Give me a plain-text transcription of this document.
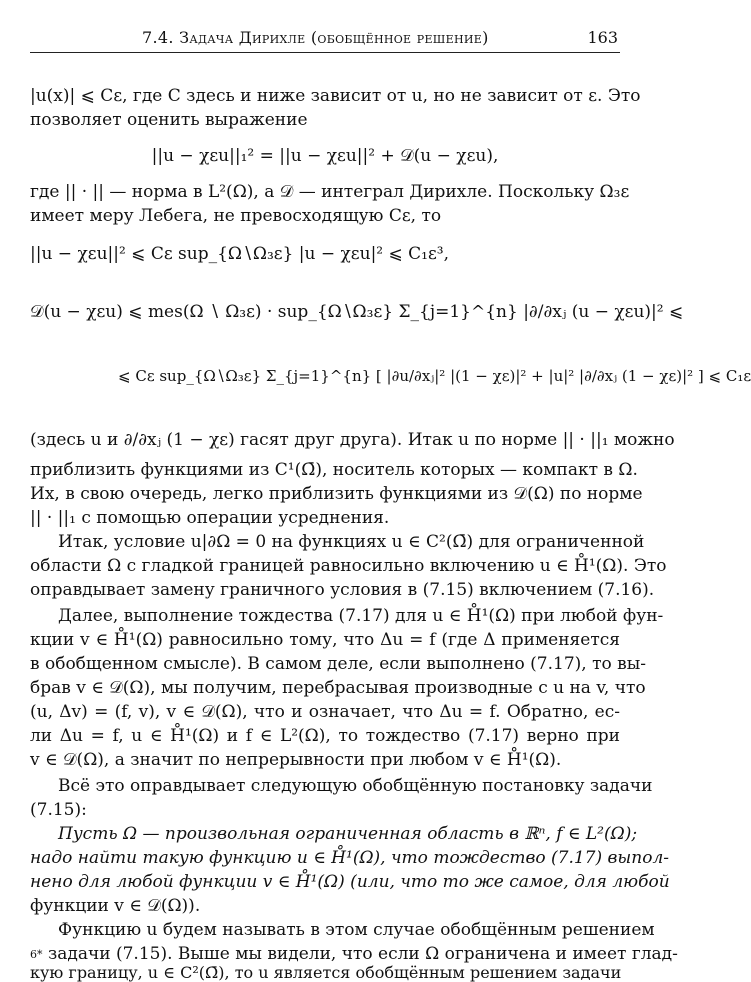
7.4. Задача Дирихле (обобщённое решение)	163
|u(x)| ⩽ Cε, где C здесь и ниже зависит от u, но не зависит от ε. Это
позволяет оценить выражение
||u − χεu||₁² = ||u − χεu||² + 𝒟(u − χεu),
где || · || — норма в L²(Ω), а 𝒟 — интеграл Дирихле. Поскольку Ω₃ε
имеет меру Лебега, не превосходящую Cε, то
||u − χεu||² ⩽ Cε sup_{Ω∖Ω₃ε} |u − χεu|² ⩽ C₁ε³,
𝒟(u − χεu) ⩽ mes(Ω ∖ Ω₃ε) · sup_{Ω∖Ω₃ε} Σ_{j=1}^{n} |∂/∂xⱼ (u − χεu)|² ⩽
⩽ Cε sup_{Ω∖Ω₃ε} Σ_{j=1}^{n} [ |∂u/∂xⱼ|² |(1 − χε)|² + |u|² |∂/∂xⱼ (1 − χε)|² ] ⩽ C₁ε
(здесь u и ∂/∂xⱼ (1 − χε) гасят друг друга). Итак u по норме || · ||₁ можно
приблизить функциями из C¹(Ω̄), носитель которых — компакт в Ω.
Их, в свою очередь, легко приблизить функциями из 𝒟(Ω) по норме
|| · ||₁ с помощью операции усреднения.
Итак, условие u|∂Ω = 0 на функциях u ∈ C²(Ω̄) для ограниченной
области Ω с гладкой границей равносильно включению u ∈ H̊¹(Ω). Это
оправдывает замену граничного условия в (7.15) включением (7.16).
Далее, выполнение тождества (7.17) для u ∈ H̊¹(Ω) при любой фун-
кции v ∈ H̊¹(Ω) равносильно тому, что Δu = f (где Δ применяется
в обобщенном смысле). В самом деле, если выполнено (7.17), то вы-
брав v ∈ 𝒟(Ω), мы получим, перебрасывая производные с u на v, что
(u, Δv) = (f, v), v ∈ 𝒟(Ω), что и означает, что Δu = f. Обратно, ес-
ли Δu = f, u ∈ H̊¹(Ω) и f ∈ L²(Ω), то тождество (7.17) верно при
v ∈ 𝒟(Ω), а значит по непрерывности при любом v ∈ H̊¹(Ω).
Всё это оправдывает следующую обобщённую постановку задачи
(7.15):
Пусть Ω — произвольная ограниченная область в ℝⁿ, f ∈ L²(Ω);
надо найти такую функцию u ∈ H̊¹(Ω), что тождество (7.17) выпол-
нено для любой функции v ∈ H̊¹(Ω) (или, что то же самое, для любой
функции v ∈ 𝒟(Ω)).
Функцию u будем называть в этом случае обобщённым решением
задачи (7.15). Выше мы видели, что если Ω ограничена и имеет глад-
кую границу, u ∈ C²(Ω̄), то u является обобщённым решением задачи
6*
